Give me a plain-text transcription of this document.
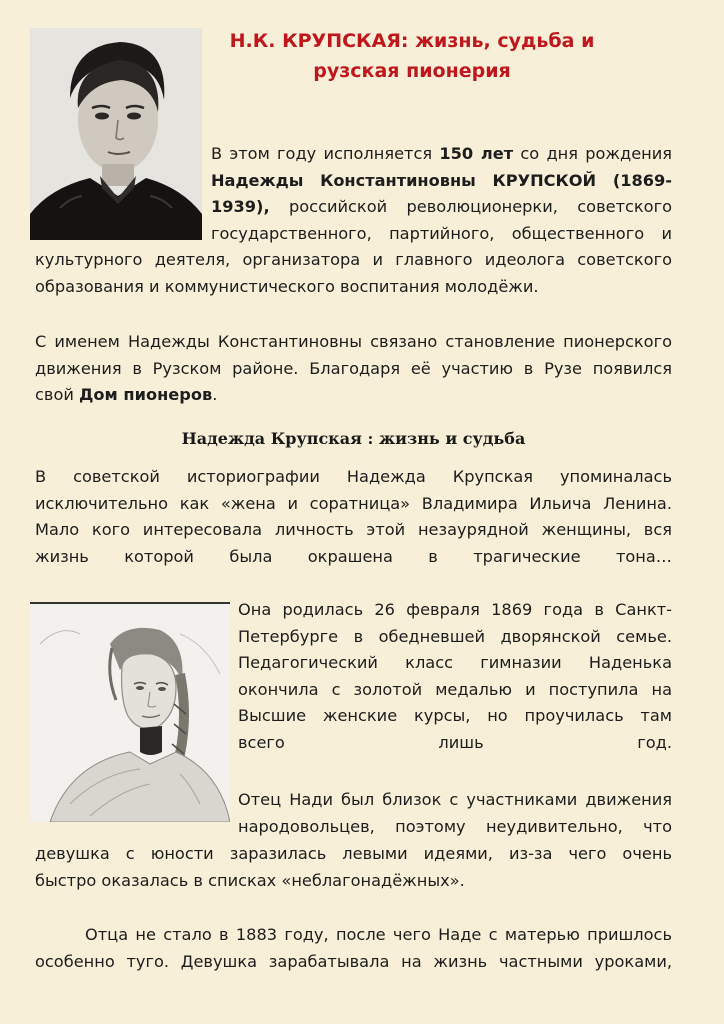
Н.К. КРУПСКАЯ: жизнь, судьба и
рузская пионерия
В этом году исполняется 150 лет со дня рождения
Надежды Константиновны КРУПСКОЙ (1869-
1939), российской революционерки, советского
государственного, партийного, общественного и
культурного деятеля, организатора и главного идеолога советского
образования и коммунистического воспитания молодёжи.
С именем Надежды Константиновны связано становление пионерского
движения в Рузском районе. Благодаря её участию в Рузе появился
свой Дом пионеров.
Надежда Крупская : жизнь и судьба
В советской историографии Надежда Крупская упоминалась
исключительно как «жена и соратница» Владимира Ильича Ленина.
Мало кого интересовала личность этой незаурядной женщины, вся
жизнь которой была окрашена в трагические тона…
Она родилась 26 февраля 1869 года в Санкт-
Петербурге в обедневшей дворянской семье.
Педагогический класс гимназии Наденька
окончила с золотой медалью и поступила на
Высшие женские курсы, но проучилась там
всего лишь год.
Отец Нади был близок с участниками движения
народовольцев, поэтому неудивительно, что
девушка с юности заразилась левыми идеями, из-за чего очень
быстро оказалась в списках «неблагонадёжных».
Отца не стало в 1883 году, после чего Наде с матерью пришлось
особенно туго. Девушка зарабатывала на жизнь частными уроками,
